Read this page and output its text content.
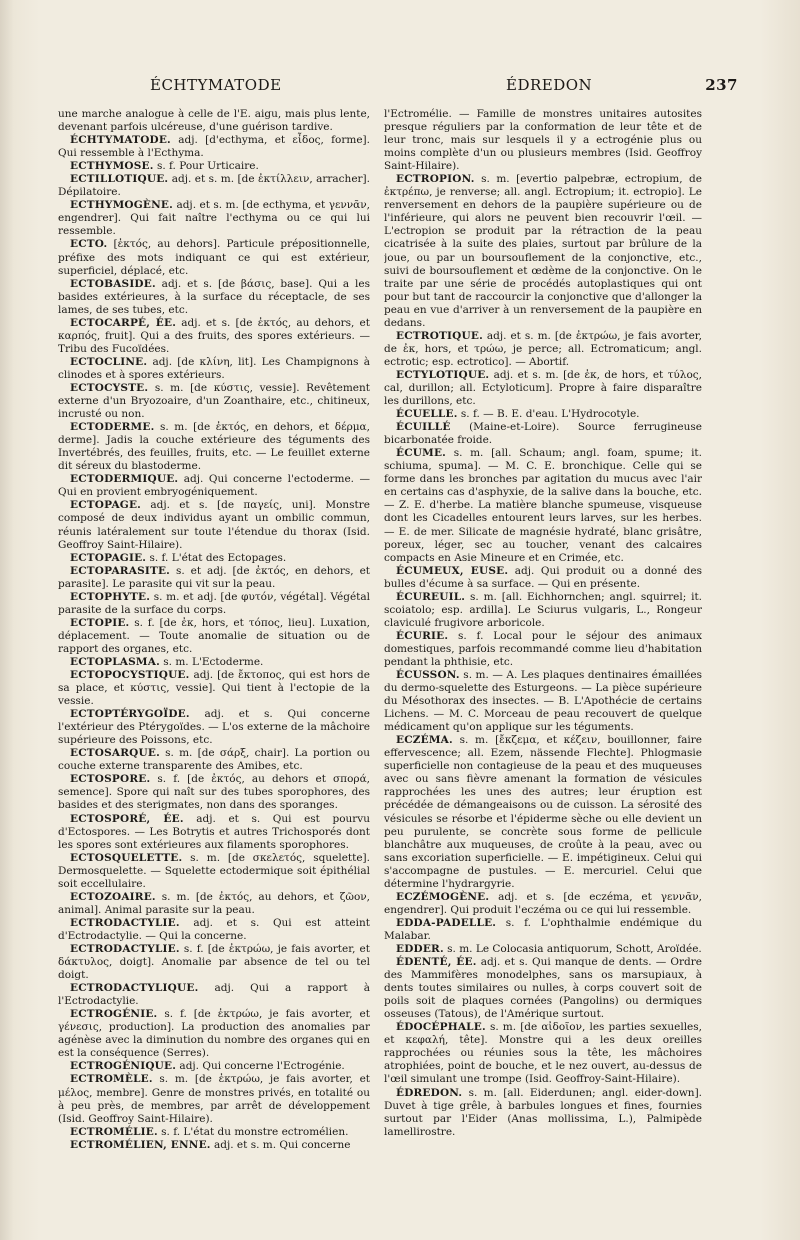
ÉCHTYMATODE	ÉDREDON	237

une marche analogue à celle de l'E. aigu, mais plus lente, devenant parfois ulcéreuse, d'une guérison tardive.

ÉCHTYMATODE. adj. [d'ecthyma, et εἶδος, forme]. Qui ressemble à l'Ecthyma.

ECTHYMOSE. s. f. Pour Urticaire.

ECTILLOTIQUE. adj. et s. m. [de ἐκτίλλειν, arracher]. Dépilatoire.

ECTHYMOGÈNE. adj. et s. m. [de ecthyma, et γεννᾶν, engendrer]. Qui fait naître l'ecthyma ou ce qui lui ressemble.

ECTO. [ἐκτός, au dehors]. Particule prépositionnelle, préfixe des mots indiquant ce qui est extérieur, superficiel, déplacé, etc.

ECTOBASIDE. adj. et s. [de βάσις, base]. Qui a les basides extérieures, à la surface du réceptacle, de ses lames, de ses tubes, etc.

ECTOCARPÉ, ÉE. adj. et s. [de ἐκτός, au dehors, et καρπός, fruit]. Qui a des fruits, des spores extérieurs. — Tribu des Fucoïdées.

ECTOCLINE. adj. [de κλίνη, lit]. Les Champignons à clinodes et à spores extérieurs.

ECTOCYSTE. s. m. [de κύστις, vessie]. Revêtement externe d'un Bryozoaire, d'un Zoanthaire, etc., chitineux, incrusté ou non.

ECTODERME. s. m. [de ἐκτός, en dehors, et δέρμα, derme]. Jadis la couche extérieure des téguments des Invertébrés, des feuilles, fruits, etc. — Le feuillet externe dit séreux du blastoderme.

ECTODERMIQUE. adj. Qui concerne l'ectoderme. — Qui en provient embryogéniquement.

ECTOPAGE. adj. et s. [de παγείς, uni]. Monstre composé de deux individus ayant un ombilic commun, réunis latéralement sur toute l'étendue du thorax (Isid. Geoffroy Saint-Hilaire).

ECTOPAGIE. s. f. L'état des Ectopages.

ECTOPARASITE. s. et adj. [de ἐκτός, en dehors, et parasite]. Le parasite qui vit sur la peau.

ECTOPHYTE. s. m. et adj. [de φυτόν, végétal]. Végétal parasite de la surface du corps.

ECTOPIE. s. f. [de ἐκ, hors, et τόπος, lieu]. Luxation, déplacement. — Toute anomalie de situation ou de rapport des organes, etc.

ECTOPLASMA. s. m. L'Ectoderme.

ECTOPOCYSTIQUE. adj. [de ἔκτοπος, qui est hors de sa place, et κύστις, vessie]. Qui tient à l'ectopie de la vessie.

ECTOPTÉRYGOÏDE. adj. et s. Qui concerne l'extérieur des Ptérygoïdes. — L'os externe de la mâchoire supérieure des Poissons, etc.

ECTOSARQUE. s. m. [de σάρξ, chair]. La portion ou couche externe transparente des Amibes, etc.

ECTOSPORE. s. f. [de ἐκτός, au dehors et σπορά, semence]. Spore qui naît sur des tubes sporophores, des basides et des sterigmates, non dans des sporanges.

ECTOSPORÉ, ÉE. adj. et s. Qui est pourvu d'Ectospores. — Les Botrytis et autres Trichosporés dont les spores sont extérieures aux filaments sporophores.

ECTOSQUELETTE. s. m. [de σκελετός, squelette]. Dermosquelette. — Squelette ectodermique soit épithélial soit eccellulaire.

ECTOZOAIRE. s. m. [de ἐκτός, au dehors, et ζῶον, animal]. Animal parasite sur la peau.

ECTRODACTYLIE. adj. et s. Qui est atteint d'Ectrodactylie. — Qui la concerne.

ECTRODACTYLIE. s. f. [de ἐκτρώω, je fais avorter, et δάκτυλος, doigt]. Anomalie par absence de tel ou tel doigt.

ECTRODACTYLIQUE. adj. Qui a rapport à l'Ectrodactylie.

ECTROGÉNIE. s. f. [de ἐκτρώω, je fais avorter, et γένεσις, production]. La production des anomalies par agénèse avec la diminution du nombre des organes qui en est la conséquence (Serres).

ECTROGÉNIQUE. adj. Qui concerne l'Ectrogénie.

ECTROMÈLE. s. m. [de ἐκτρώω, je fais avorter, et μέλος, membre]. Genre de monstres privés, en totalité ou à peu près, de membres, par arrêt de développement (Isid. Geoffroy Saint-Hilaire).

ECTROMÉLIE. s. f. L'état du monstre ectromélien.

ECTROMÉLIEN, ENNE. adj. et s. m. Qui concerne

l'Ectromélie. — Famille de monstres unitaires autosites presque réguliers par la conformation de leur tête et de leur tronc, mais sur lesquels il y a ectrogénie plus ou moins complète d'un ou plusieurs membres (Isid. Geoffroy Saint-Hilaire).

ECTROPION. s. m. [evertio palpebræ, ectropium, de ἐκτρέπω, je renverse; all. angl. Ectropium; it. ectropio]. Le renversement en dehors de la paupière supérieure ou de l'inférieure, qui alors ne peuvent bien recouvrir l'œil. — L'ectropion se produit par la rétraction de la peau cicatrisée à la suite des plaies, surtout par brûlure de la joue, ou par un boursouflement de la conjonctive, etc., suivi de boursouflement et œdème de la conjonctive. On le traite par une série de procédés autoplastiques qui ont pour but tant de raccourcir la conjonctive que d'allonger la peau en vue d'arriver à un renversement de la paupière en dedans.

ECTROTIQUE. adj. et s. m. [de ἐκτρώω, je fais avorter, de ἐκ, hors, et τρώω, je perce; all. Ectromaticum; angl. ectrotic; esp. ectrotico]. — Abortif.

ECTYLOTIQUE. adj. et s. m. [de ἐκ, de hors, et τύλος, cal, durillon; all. Ectyloticum]. Propre à faire disparaître les durillons, etc.

ÉCUELLE. s. f. — B. E. d'eau. L'Hydrocotyle.

ÉCUILLÉ (Maine-et-Loire). Source ferrugineuse bicarbonatée froide.

ÉCUME. s. m. [all. Schaum; angl. foam, spume; it. schiuma, spuma]. — M. C. E. bronchique. Celle qui se forme dans les bronches par agitation du mucus avec l'air en certains cas d'asphyxie, de la salive dans la bouche, etc. — Z. E. d'herbe. La matière blanche spumeuse, visqueuse dont les Cicadelles entourent leurs larves, sur les herbes. — E. de mer. Silicate de magnésie hydraté, blanc grisâtre, poreux, léger, sec au toucher, venant des calcaires compacts en Asie Mineure et en Crimée, etc.

ÉCUMEUX, EUSE. adj. Qui produit ou a donné des bulles d'écume à sa surface. — Qui en présente.

ÉCUREUIL. s. m. [all. Eichhornchen; angl. squirrel; it. scoiatolo; esp. ardilla]. Le Sciurus vulgaris, L., Rongeur claviculé frugivore arboricole.

ÉCURIE. s. f. Local pour le séjour des animaux domestiques, parfois recommandé comme lieu d'habitation pendant la phthisie, etc.

ÉCUSSON. s. m. — A. Les plaques dentinaires émaillées du dermo-squelette des Esturgeons. — La pièce supérieure du Mésothorax des insectes. — B. L'Apothécie de certains Lichens. — M. C. Morceau de peau recouvert de quelque médicament qu'on applique sur les téguments.

ECZÉMA. s. m. [ἔκζεμα, et κέζειν, bouillonner, faire effervescence; all. Ezem, nässende Flechte]. Phlogmasie superficielle non contagieuse de la peau et des muqueuses avec ou sans fièvre amenant la formation de vésicules rapprochées les unes des autres; leur éruption est précédée de démangeaisons ou de cuisson. La sérosité des vésicules se résorbe et l'épiderme sèche ou elle devient un peu purulente, se concrète sous forme de pellicule blanchâtre aux muqueuses, de croûte à la peau, avec ou sans excoriation superficielle. — E. impétigineux. Celui qui s'accompagne de pustules. — E. mercuriel. Celui que détermine l'hydrargyrie.

ECZÉMOGÈNE. adj. et s. [de eczéma, et γεννᾶν, engendrer]. Qui produit l'eczéma ou ce qui lui ressemble.

EDDA-PADELLE. s. f. L'ophthalmie endémique du Malabar.

EDDER. s. m. Le Colocasia antiquorum, Schott, Aroïdée.

ÉDENTÉ, ÉE. adj. et s. Qui manque de dents. — Ordre des Mammifères monodelphes, sans os marsupiaux, à dents toutes similaires ou nulles, à corps couvert soit de poils soit de plaques cornées (Pangolins) ou dermiques osseuses (Tatous), de l'Amérique surtout.

ÉDOCÉPHALE. s. m. [de αἰδοῖον, les parties sexuelles, et κεφαλή, tête]. Monstre qui a les deux oreilles rapprochées ou réunies sous la tête, les mâchoires atrophiées, point de bouche, et le nez ouvert, au-dessus de l'œil simulant une trompe (Isid. Geoffroy-Saint-Hilaire).

ÉDREDON. s. m. [all. Eiderdunen; angl. eider-down]. Duvet à tige grêle, à barbules longues et fines, fournies surtout par l'Eider (Anas mollissima, L.), Palmipède lamellirostre.
